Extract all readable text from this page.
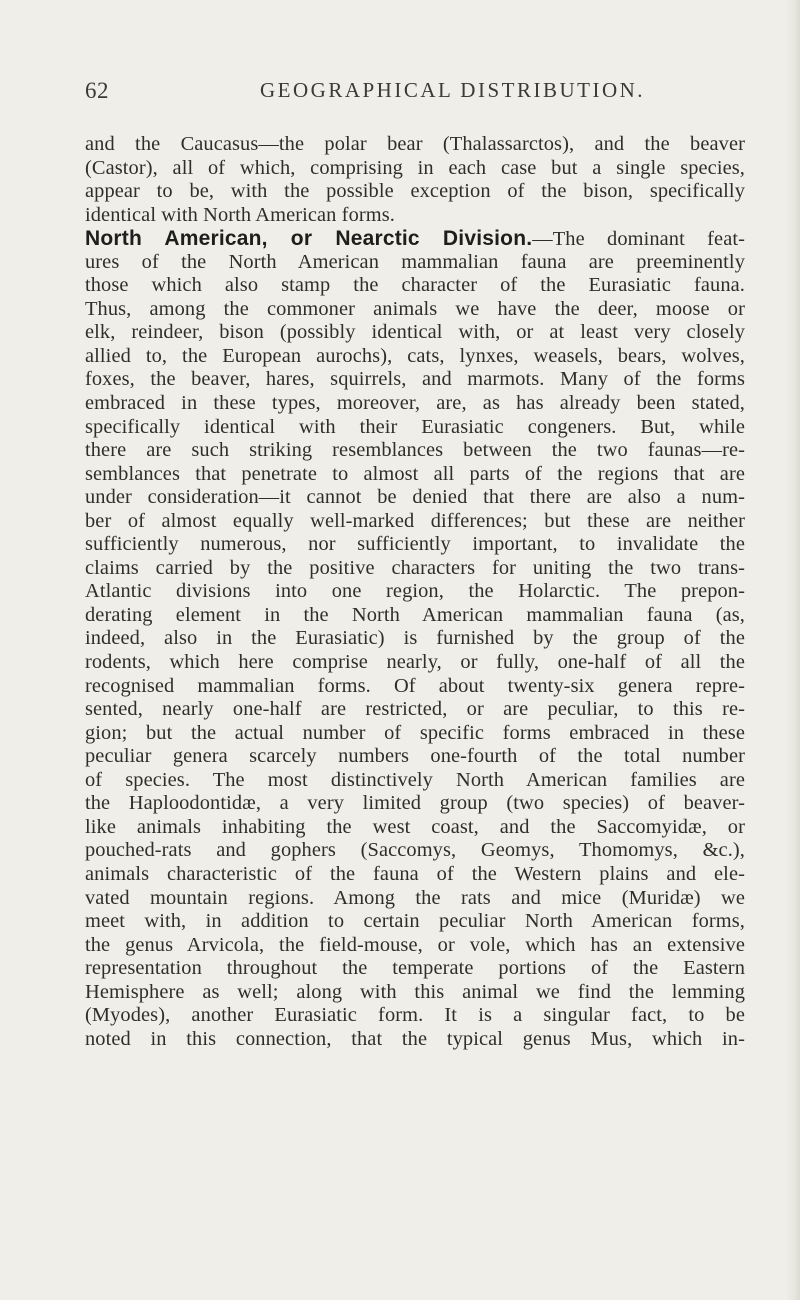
62	GEOGRAPHICAL DISTRIBUTION.
and the Caucasus—the polar bear (Thalassarctos), and the beaver
(Castor), all of which, comprising in each case but a single species,
appear to be, with the possible exception of the bison, specifically
identical with North American forms.
North American, or Nearctic Division.—The dominant feat-
ures of the North American mammalian fauna are preeminently
those which also stamp the character of the Eurasiatic fauna.
Thus, among the commoner animals we have the deer, moose or
elk, reindeer, bison (possibly identical with, or at least very closely
allied to, the European aurochs), cats, lynxes, weasels, bears, wolves,
foxes, the beaver, hares, squirrels, and marmots. Many of the forms
embraced in these types, moreover, are, as has already been stated,
specifically identical with their Eurasiatic congeners. But, while
there are such striking resemblances between the two faunas—re-
semblances that penetrate to almost all parts of the regions that are
under consideration—it cannot be denied that there are also a num-
ber of almost equally well-marked differences; but these are neither
sufficiently numerous, nor sufficiently important, to invalidate the
claims carried by the positive characters for uniting the two trans-
Atlantic divisions into one region, the Holarctic. The prepon-
derating element in the North American mammalian fauna (as,
indeed, also in the Eurasiatic) is furnished by the group of the
rodents, which here comprise nearly, or fully, one-half of all the
recognised mammalian forms. Of about twenty-six genera repre-
sented, nearly one-half are restricted, or are peculiar, to this re-
gion; but the actual number of specific forms embraced in these
peculiar genera scarcely numbers one-fourth of the total number
of species. The most distinctively North American families are
the Haploodontidæ, a very limited group (two species) of beaver-
like animals inhabiting the west coast, and the Saccomyidæ, or
pouched-rats and gophers (Saccomys, Geomys, Thomomys, &c.),
animals characteristic of the fauna of the Western plains and ele-
vated mountain regions. Among the rats and mice (Muridæ) we
meet with, in addition to certain peculiar North American forms,
the genus Arvicola, the field-mouse, or vole, which has an extensive
representation throughout the temperate portions of the Eastern
Hemisphere as well; along with this animal we find the lemming
(Myodes), another Eurasiatic form. It is a singular fact, to be
noted in this connection, that the typical genus Mus, which in-
